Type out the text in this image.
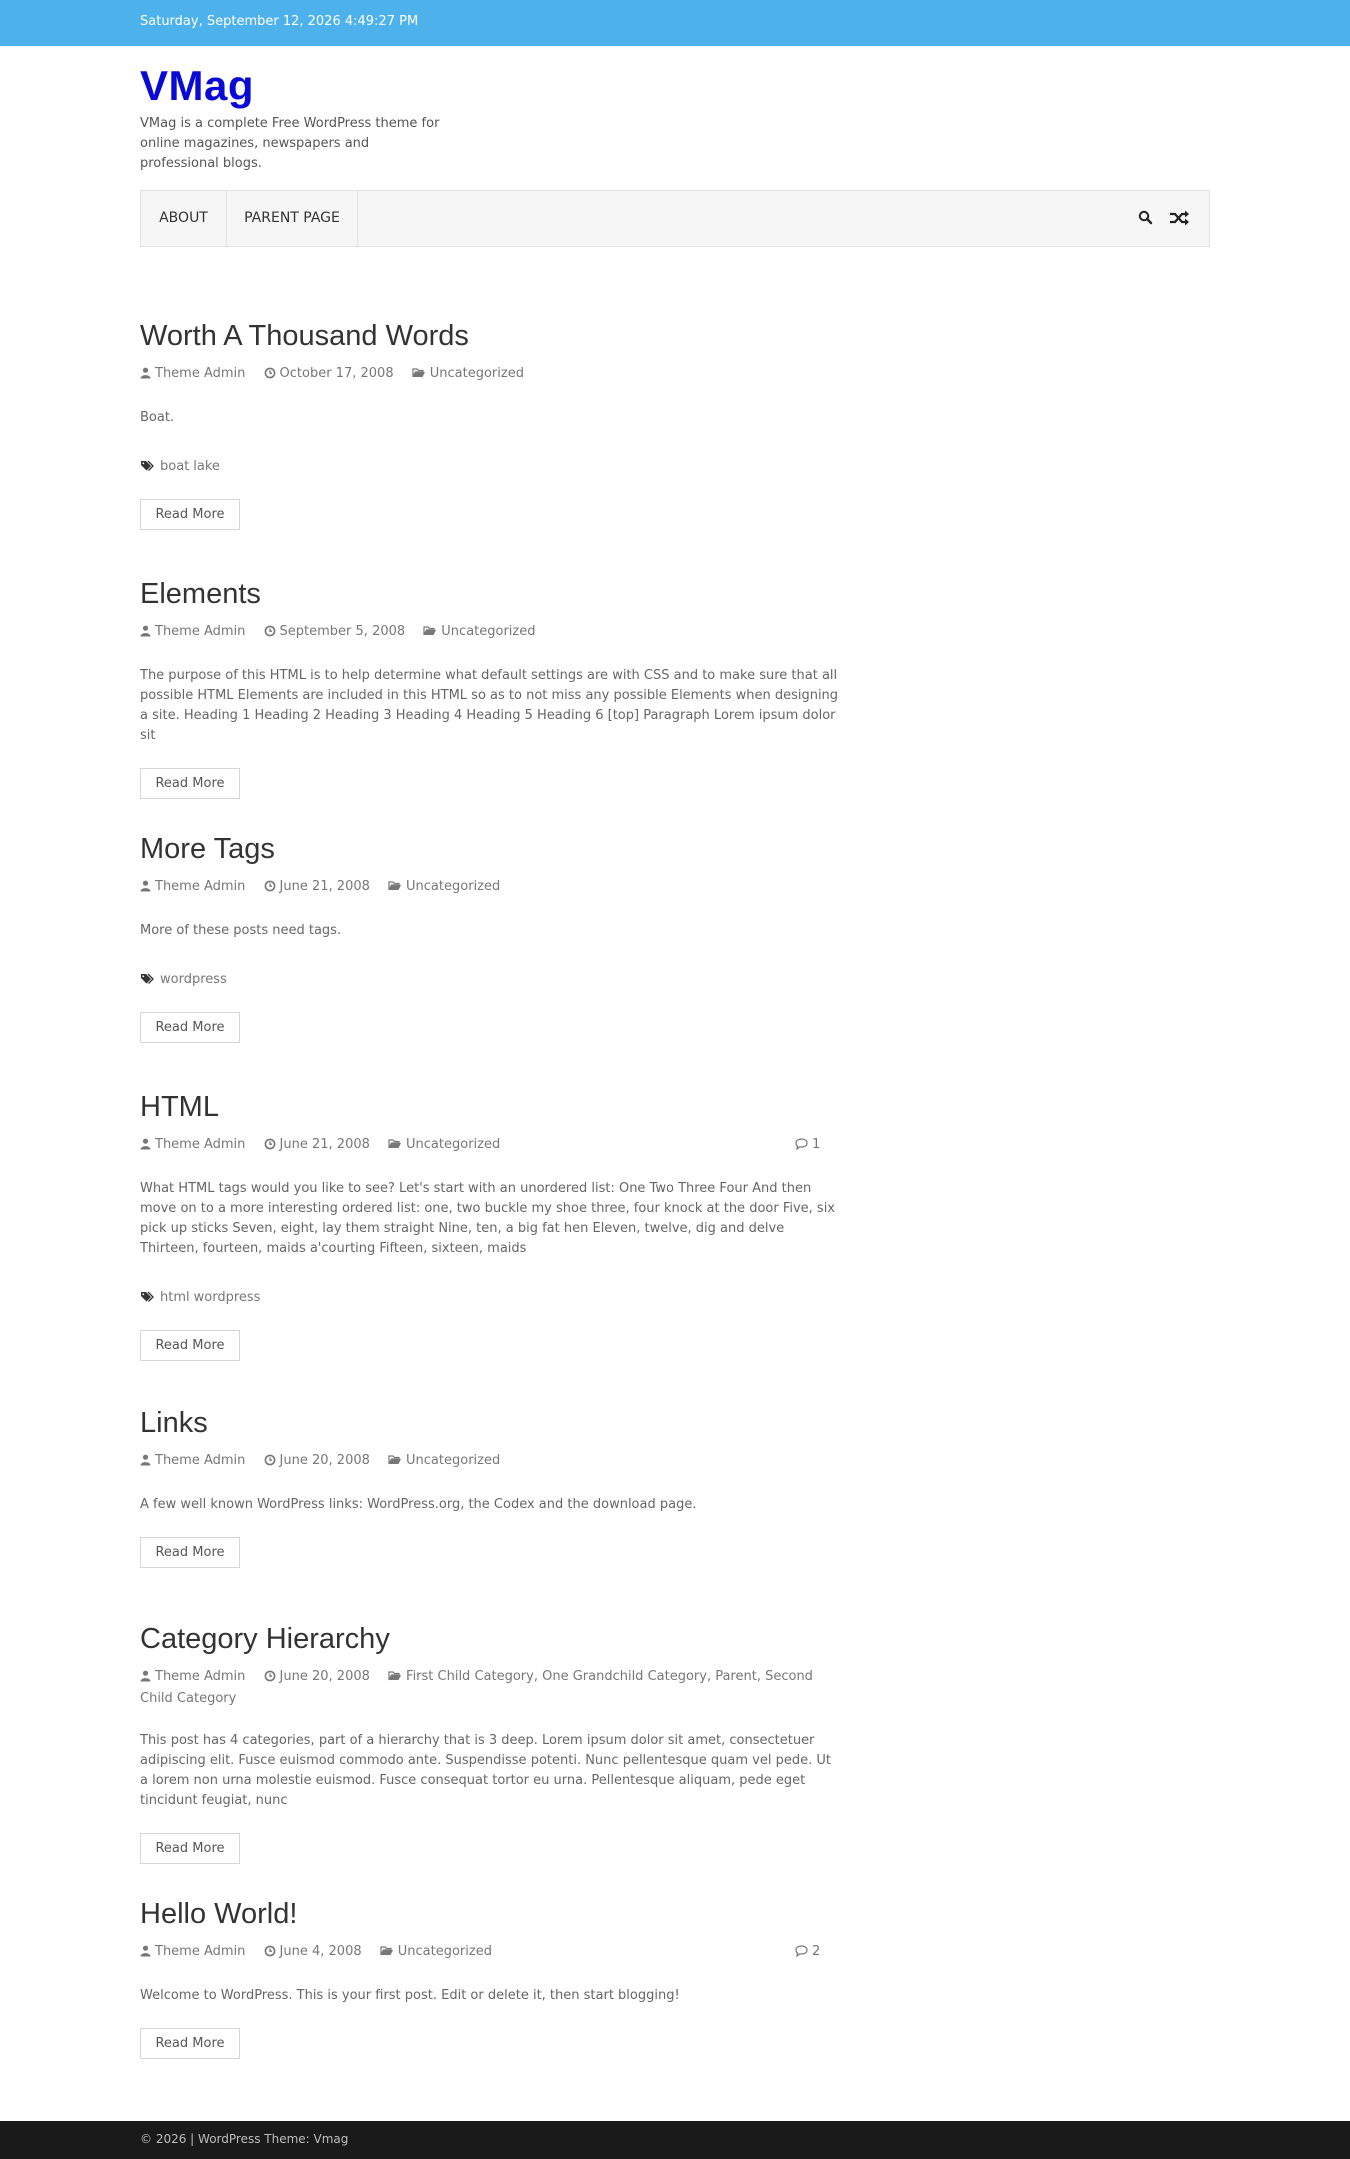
Saturday, September 12, 2026 4:49:27 PM
VMag
VMag is a complete Free WordPress theme for online magazines, newspapers and professional blogs.
ABOUT	PARENT PAGE
Worth A Thousand Words
Theme Admin	October 17, 2008	Uncategorized

Boat.

boat lake
Read More
Elements
Theme Admin	September 5, 2008	Uncategorized

The purpose of this HTML is to help determine what default settings are with CSS and to make sure that all possible HTML Elements are included in this HTML so as to not miss any possible Elements when designing a site. Heading 1 Heading 2 Heading 3 Heading 4 Heading 5 Heading 6 [top] Paragraph Lorem ipsum dolor sit

Read More
More Tags
Theme Admin	June 21, 2008	Uncategorized

More of these posts need tags.

wordpress
Read More
HTML
Theme Admin	June 21, 2008	Uncategorized	1

What HTML tags would you like to see? Let's start with an unordered list: One Two Three Four And then move on to a more interesting ordered list: one, two buckle my shoe three, four knock at the door Five, six pick up sticks Seven, eight, lay them straight Nine, ten, a big fat hen Eleven, twelve, dig and delve Thirteen, fourteen, maids a'courting Fifteen, sixteen, maids

html wordpress
Read More
Links
Theme Admin	June 20, 2008	Uncategorized

A few well known WordPress links: WordPress.org, the Codex and the download page.

Read More
Category Hierarchy
Theme Admin	June 20, 2008	First Child Category, One Grandchild Category, Parent, Second Child Category

This post has 4 categories, part of a hierarchy that is 3 deep. Lorem ipsum dolor sit amet, consectetuer adipiscing elit. Fusce euismod commodo ante. Suspendisse potenti. Nunc pellentesque quam vel pede. Ut a lorem non urna molestie euismod. Fusce consequat tortor eu urna. Pellentesque aliquam, pede eget tincidunt feugiat, nunc

Read More
Hello World!
Theme Admin	June 4, 2008	Uncategorized	2

Welcome to WordPress. This is your first post. Edit or delete it, then start blogging!

Read More
© 2026 | WordPress Theme: Vmag
